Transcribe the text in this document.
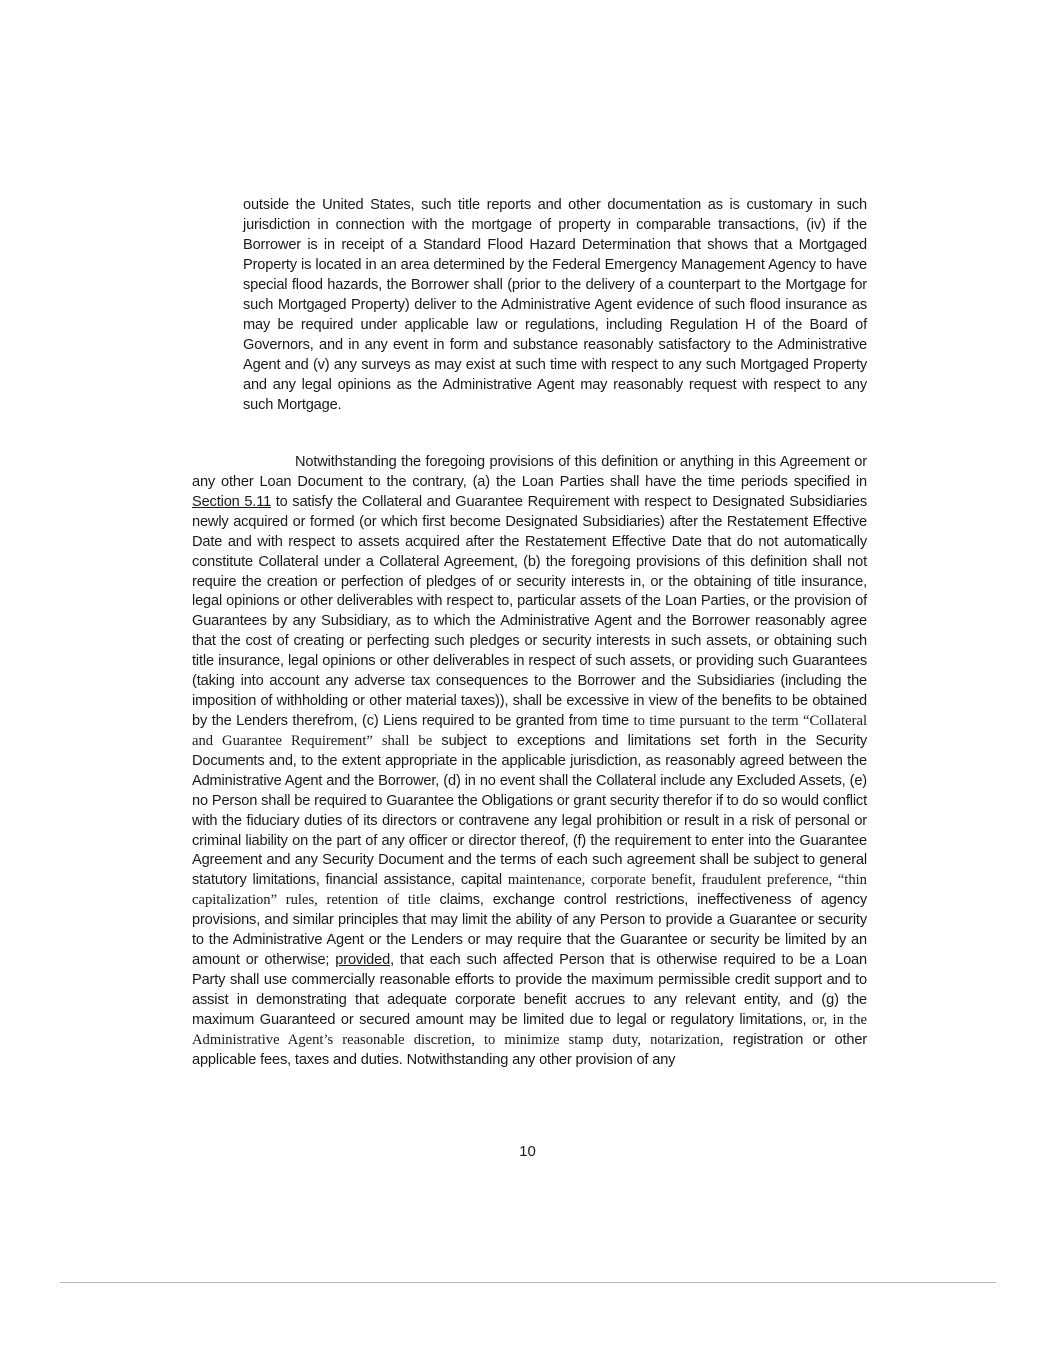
outside the United States, such title reports and other documentation as is customary in such jurisdiction in connection with the mortgage of property in comparable transactions, (iv) if the Borrower is in receipt of a Standard Flood Hazard Determination that shows that a Mortgaged Property is located in an area determined by the Federal Emergency Management Agency to have special flood hazards, the Borrower shall (prior to the delivery of a counterpart to the Mortgage for such Mortgaged Property) deliver to the Administrative Agent evidence of such flood insurance as may be required under applicable law or regulations, including Regulation H of the Board of Governors, and in any event in form and substance reasonably satisfactory to the Administrative Agent and (v) any surveys as may exist at such time with respect to any such Mortgaged Property and any legal opinions as the Administrative Agent may reasonably request with respect to any such Mortgage.

Notwithstanding the foregoing provisions of this definition or anything in this Agreement or any other Loan Document to the contrary, (a) the Loan Parties shall have the time periods specified in Section 5.11 to satisfy the Collateral and Guarantee Requirement with respect to Designated Subsidiaries newly acquired or formed (or which first become Designated Subsidiaries) after the Restatement Effective Date and with respect to assets acquired after the Restatement Effective Date that do not automatically constitute Collateral under a Collateral Agreement, (b) the foregoing provisions of this definition shall not require the creation or perfection of pledges of or security interests in, or the obtaining of title insurance, legal opinions or other deliverables with respect to, particular assets of the Loan Parties, or the provision of Guarantees by any Subsidiary, as to which the Administrative Agent and the Borrower reasonably agree that the cost of creating or perfecting such pledges or security interests in such assets, or obtaining such title insurance, legal opinions or other deliverables in respect of such assets, or providing such Guarantees (taking into account any adverse tax consequences to the Borrower and the Subsidiaries (including the imposition of withholding or other material taxes)), shall be excessive in view of the benefits to be obtained by the Lenders therefrom, (c) Liens required to be granted from time to time pursuant to the term “Collateral and Guarantee Requirement” shall be subject to exceptions and limitations set forth in the Security Documents and, to the extent appropriate in the applicable jurisdiction, as reasonably agreed between the Administrative Agent and the Borrower, (d) in no event shall the Collateral include any Excluded Assets, (e) no Person shall be required to Guarantee the Obligations or grant security therefor if to do so would conflict with the fiduciary duties of its directors or contravene any legal prohibition or result in a risk of personal or criminal liability on the part of any officer or director thereof, (f) the requirement to enter into the Guarantee Agreement and any Security Document and the terms of each such agreement shall be subject to general statutory limitations, financial assistance, capital maintenance, corporate benefit, fraudulent preference, “thin capitalization” rules, retention of title claims, exchange control restrictions, ineffectiveness of agency provisions, and similar principles that may limit the ability of any Person to provide a Guarantee or security to the Administrative Agent or the Lenders or may require that the Guarantee or security be limited by an amount or otherwise; provided, that each such affected Person that is otherwise required to be a Loan Party shall use commercially reasonable efforts to provide the maximum permissible credit support and to assist in demonstrating that adequate corporate benefit accrues to any relevant entity, and (g) the maximum Guaranteed or secured amount may be limited due to legal or regulatory limitations, or, in the Administrative Agent’s reasonable discretion, to minimize stamp duty, notarization, registration or other applicable fees, taxes and duties. Notwithstanding any other provision of any

10
